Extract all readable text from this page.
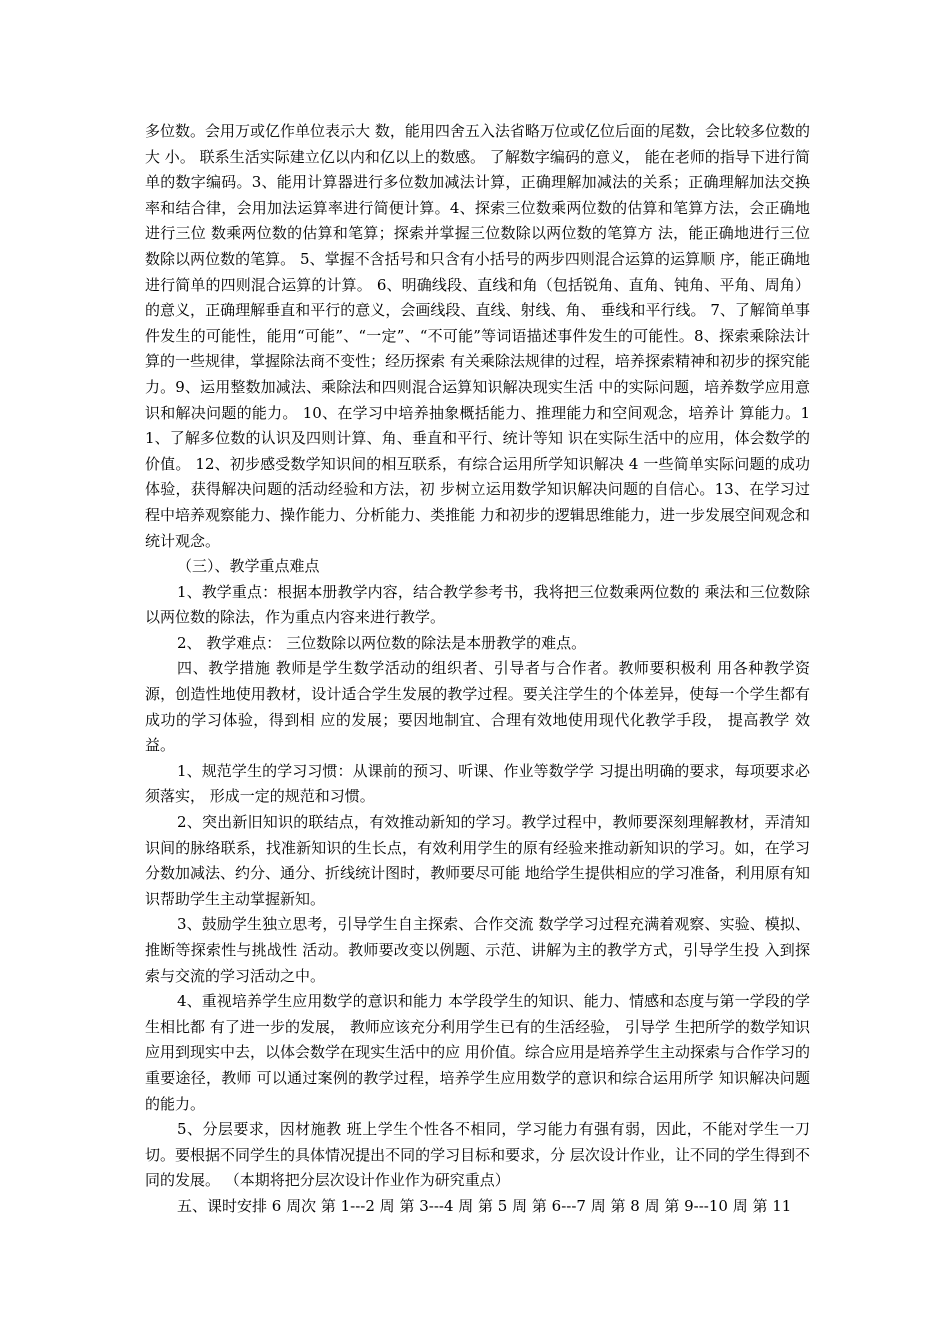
多位数。会用万或亿作单位表示大 数，能用四舍五入法省略万位或亿位后面的尾数，会比较多位数的大 小。 联系生活实际建立亿以内和亿以上的数感。 了解数字编码的意义， 能在老师的指导下进行简单的数字编码。3、能用计算器进行多位数加减法计算，正确理解加减法的关系；正确理解加法交换率和结合律，会用加法运算率进行简便计算。4、探索三位数乘两位数的估算和笔算方法，会正确地进行三位 数乘两位数的估算和笔算；探索并掌握三位数除以两位数的笔算方 法，能正确地进行三位数除以两位数的笔算。 5、掌握不含括号和只含有小括号的两步四则混合运算的运算顺 序，能正确地进行简单的四则混合运算的计算。 6、明确线段、直线和角（包括锐角、直角、钝角、平角、周角）的意义，正确理解垂直和平行的意义，会画线段、直线、射线、角、 垂线和平行线。 7、了解简单事件发生的可能性，能用“可能”、“一定”、“不可能”等词语描述事件发生的可能性。8、探索乘除法计算的一些规律，掌握除法商不变性；经历探索 有关乘除法规律的过程，培养探索精神和初步的探究能力。9、运用整数加减法、乘除法和四则混合运算知识解决现实生活 中的实际问题，培养数学应用意识和解决问题的能力。 10、在学习中培养抽象概括能力、推理能力和空间观念，培养计 算能力。11、了解多位数的认识及四则计算、角、垂直和平行、统计等知 识在实际生活中的应用，体会数学的价值。 12、初步感受数学知识间的相互联系，有综合运用所学知识解决 4 一些简单实际问题的成功体验，获得解决问题的活动经验和方法，初 步树立运用数学知识解决问题的自信心。13、在学习过程中培养观察能力、操作能力、分析能力、类推能 力和初步的逻辑思维能力，进一步发展空间观念和统计观念。

（三）、教学重点难点

1、教学重点：根据本册教学内容，结合教学参考书，我将把三位数乘两位数的 乘法和三位数除以两位数的除法，作为重点内容来进行教学。

2、 教学难点： 三位数除以两位数的除法是本册教学的难点。

四、教学措施 教师是学生数学活动的组织者、引导者与合作者。教师要积极利 用各种教学资源，创造性地使用教材，设计适合学生发展的教学过程。要关注学生的个体差异，使每一个学生都有成功的学习体验，得到相 应的发展；要因地制宜、合理有效地使用现代化教学手段， 提高教学 效益。

1、规范学生的学习习惯：从课前的预习、听课、作业等数学学 习提出明确的要求，每项要求必须落实， 形成一定的规范和习惯。

2、突出新旧知识的联结点，有效推动新知的学习。教学过程中，教师要深刻理解教材，弄清知识间的脉络联系，找准新知识的生长点，有效利用学生的原有经验来推动新知识的学习。如，在学习分数加减法、约分、通分、折线统计图时，教师要尽可能 地给学生提供相应的学习准备，利用原有知识帮助学生主动掌握新知。

3、鼓励学生独立思考，引导学生自主探索、合作交流 数学学习过程充满着观察、实验、模拟、推断等探索性与挑战性 活动。教师要改变以例题、示范、讲解为主的教学方式，引导学生投 入到探索与交流的学习活动之中。

4、重视培养学生应用数学的意识和能力 本学段学生的知识、能力、情感和态度与第一学段的学生相比都 有了进一步的发展， 教师应该充分利用学生已有的生活经验， 引导学 生把所学的数学知识应用到现实中去，以体会数学在现实生活中的应 用价值。综合应用是培养学生主动探索与合作学习的重要途径，教师 可以通过案例的教学过程，培养学生应用数学的意识和综合运用所学 知识解决问题的能力。

5、分层要求，因材施教 班上学生个性各不相同，学习能力有强有弱，因此，不能对学生一刀切。要根据不同学生的具体情况提出不同的学习目标和要求，分 层次设计作业，让不同的学生得到不同的发展。 （本期将把分层次设计作业作为研究重点）

五、课时安排 6 周次 第 1---2 周 第 3---4 周 第 5 周 第 6---7 周 第 8 周 第 9---10 周 第 11
